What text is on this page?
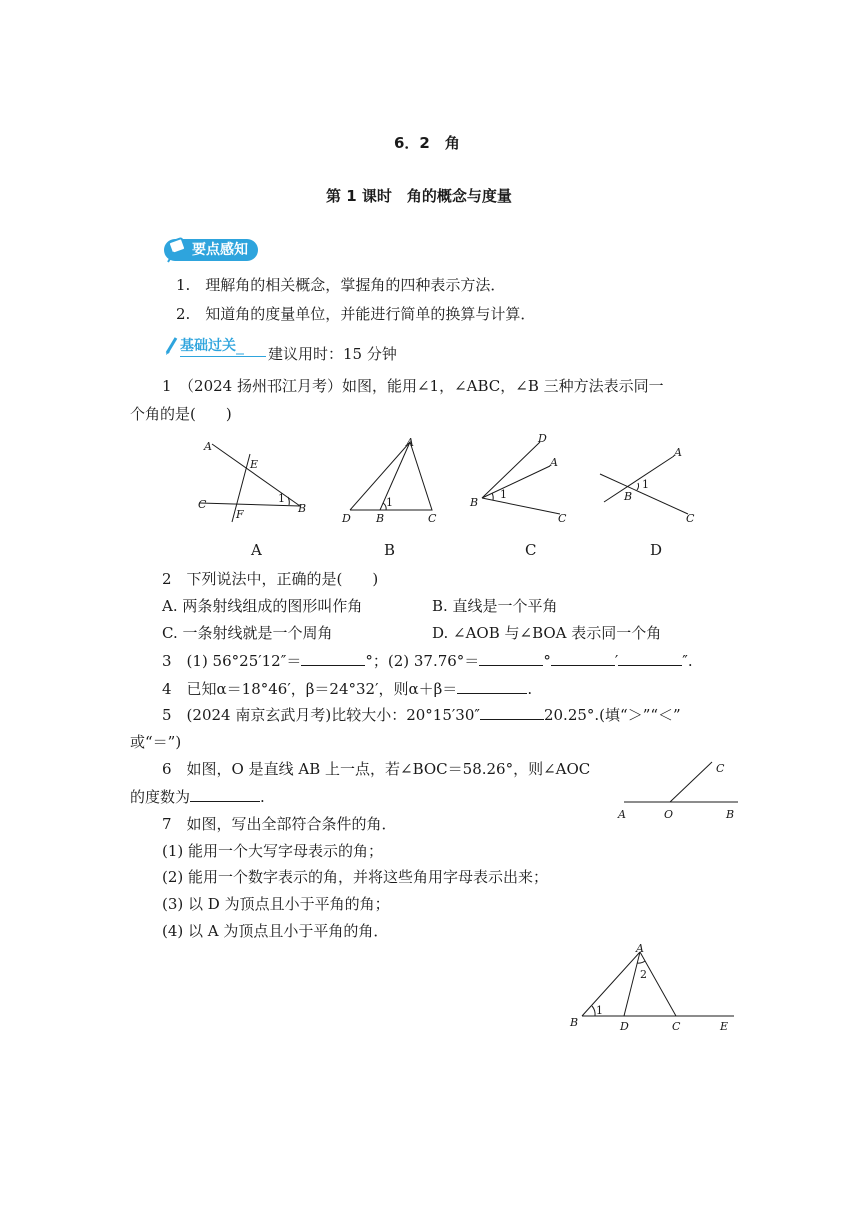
6．2　角
第 1 课时　角的概念与度量
要点感知
1.　理解角的相关概念，掌握角的四种表示方法．
2.　知道角的度量单位，并能进行简单的换算与计算．
基础过关 建议用时：15 分钟
1　（2024 扬州邗江月考）如图，能用∠1，∠ABC，∠B 三种方法表示同一
个角的是(　　)
A
E
C
F	B
1
A
D B	C
1
D
A
B
C
1
A
B
C
1
A	B	C	D
2　下列说法中，正确的是(　　)
A. 两条射线组成的图形叫作角	B. 直线是一个平角
C. 一条射线就是一个周角	D. ∠AOB 与∠BOA 表示同一个角
3　(1) 56°25′12″＝	°；(2) 37.76°＝	°	′	″.
4　已知α＝18°46′，β＝24°32′，则α＋β＝	.
5　(2024 南京玄武月考)比较大小：20°15′30″	20.25°.(填“＞”“＜”
或“＝”)
6　如图，O 是直线 AB 上一点，若∠BOC＝58.26°，则∠AOC
的度数为	.
A	O	B
C
7　如图，写出全部符合条件的角．
(1) 能用一个大写字母表示的角；
(2) 能用一个数字表示的角，并将这些角用字母表示出来；
(3) 以 D 为顶点且小于平角的角；
(4) 以 A 为顶点且小于平角的角．
A
B	D	C	E
1
2
